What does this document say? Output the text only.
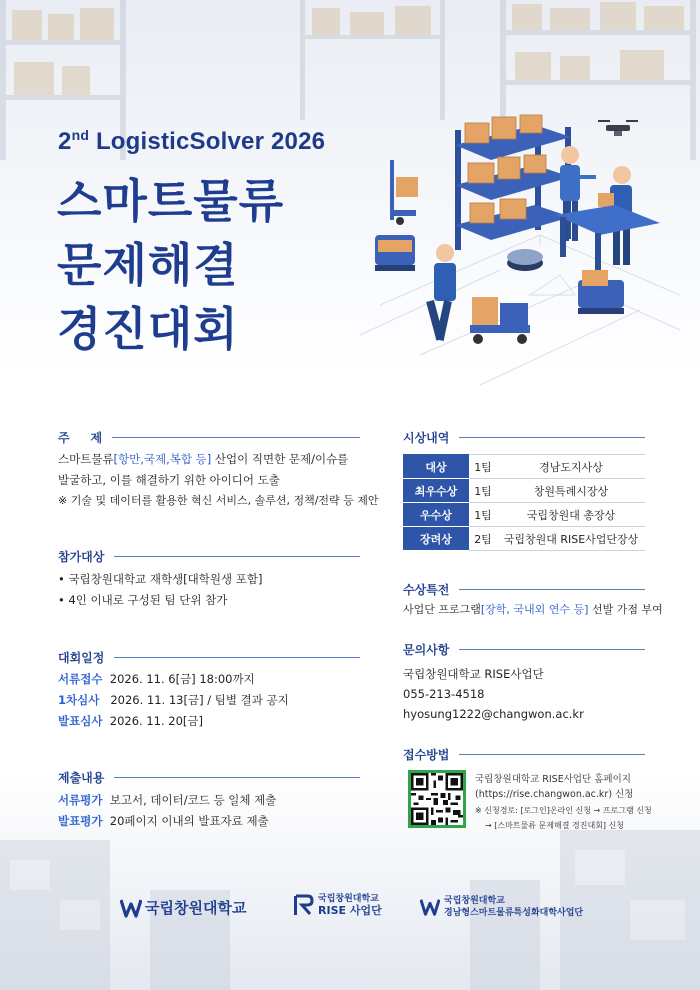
2nd LogisticSolver 2026
스마트물류
문제해결
경진대회
주     제
스마트물류[항만,국제,복합 등] 산업이 직면한 문제/이슈를
발굴하고, 이를 해결하기 위한 아이디어 도출
※ 기술 및 데이터를 활용한 혁신 서비스, 솔루션, 정책/전략 등 제안
참가대상
• 국립창원대학교 재학생[대학원생 포함]
• 4인 이내로 구성된 팀 단위 참가
대회일정
서류접수 2026. 11. 6[금] 18:00까지
1차심사 2026. 11. 13[금] / 팀별 결과 공지
발표심사 2026. 11. 20[금]
제출내용
서류평가 보고서, 데이터/코드 등 일체 제출
발표평가 20페이지 이내의 발표자료 제출
시상내역
대상	1팀	경남도지사상
최우수상	1팀	창원특례시장상
우수상	1팀	국립창원대 총장상
장려상	2팀	국립창원대 RISE사업단장상
수상특전
사업단 프로그램[장학, 국내외 연수 등] 선발 가점 부여
문의사항
국립창원대학교 RISE사업단
055-213-4518
hyosung1222@changwon.ac.kr
접수방법
국립창원대학교 RISE사업단 홈페이지
(https://rise.changwon.ac.kr) 신청
※ 신청경로: [로그인]온라인 신청 → 프로그램 신청
→ [스마트물류 문제해결 경진대회] 신청
국립창원대학교	국립창원대학교
RISE 사업단
국립창원대학교
경남형스마트물류특성화대학사업단
